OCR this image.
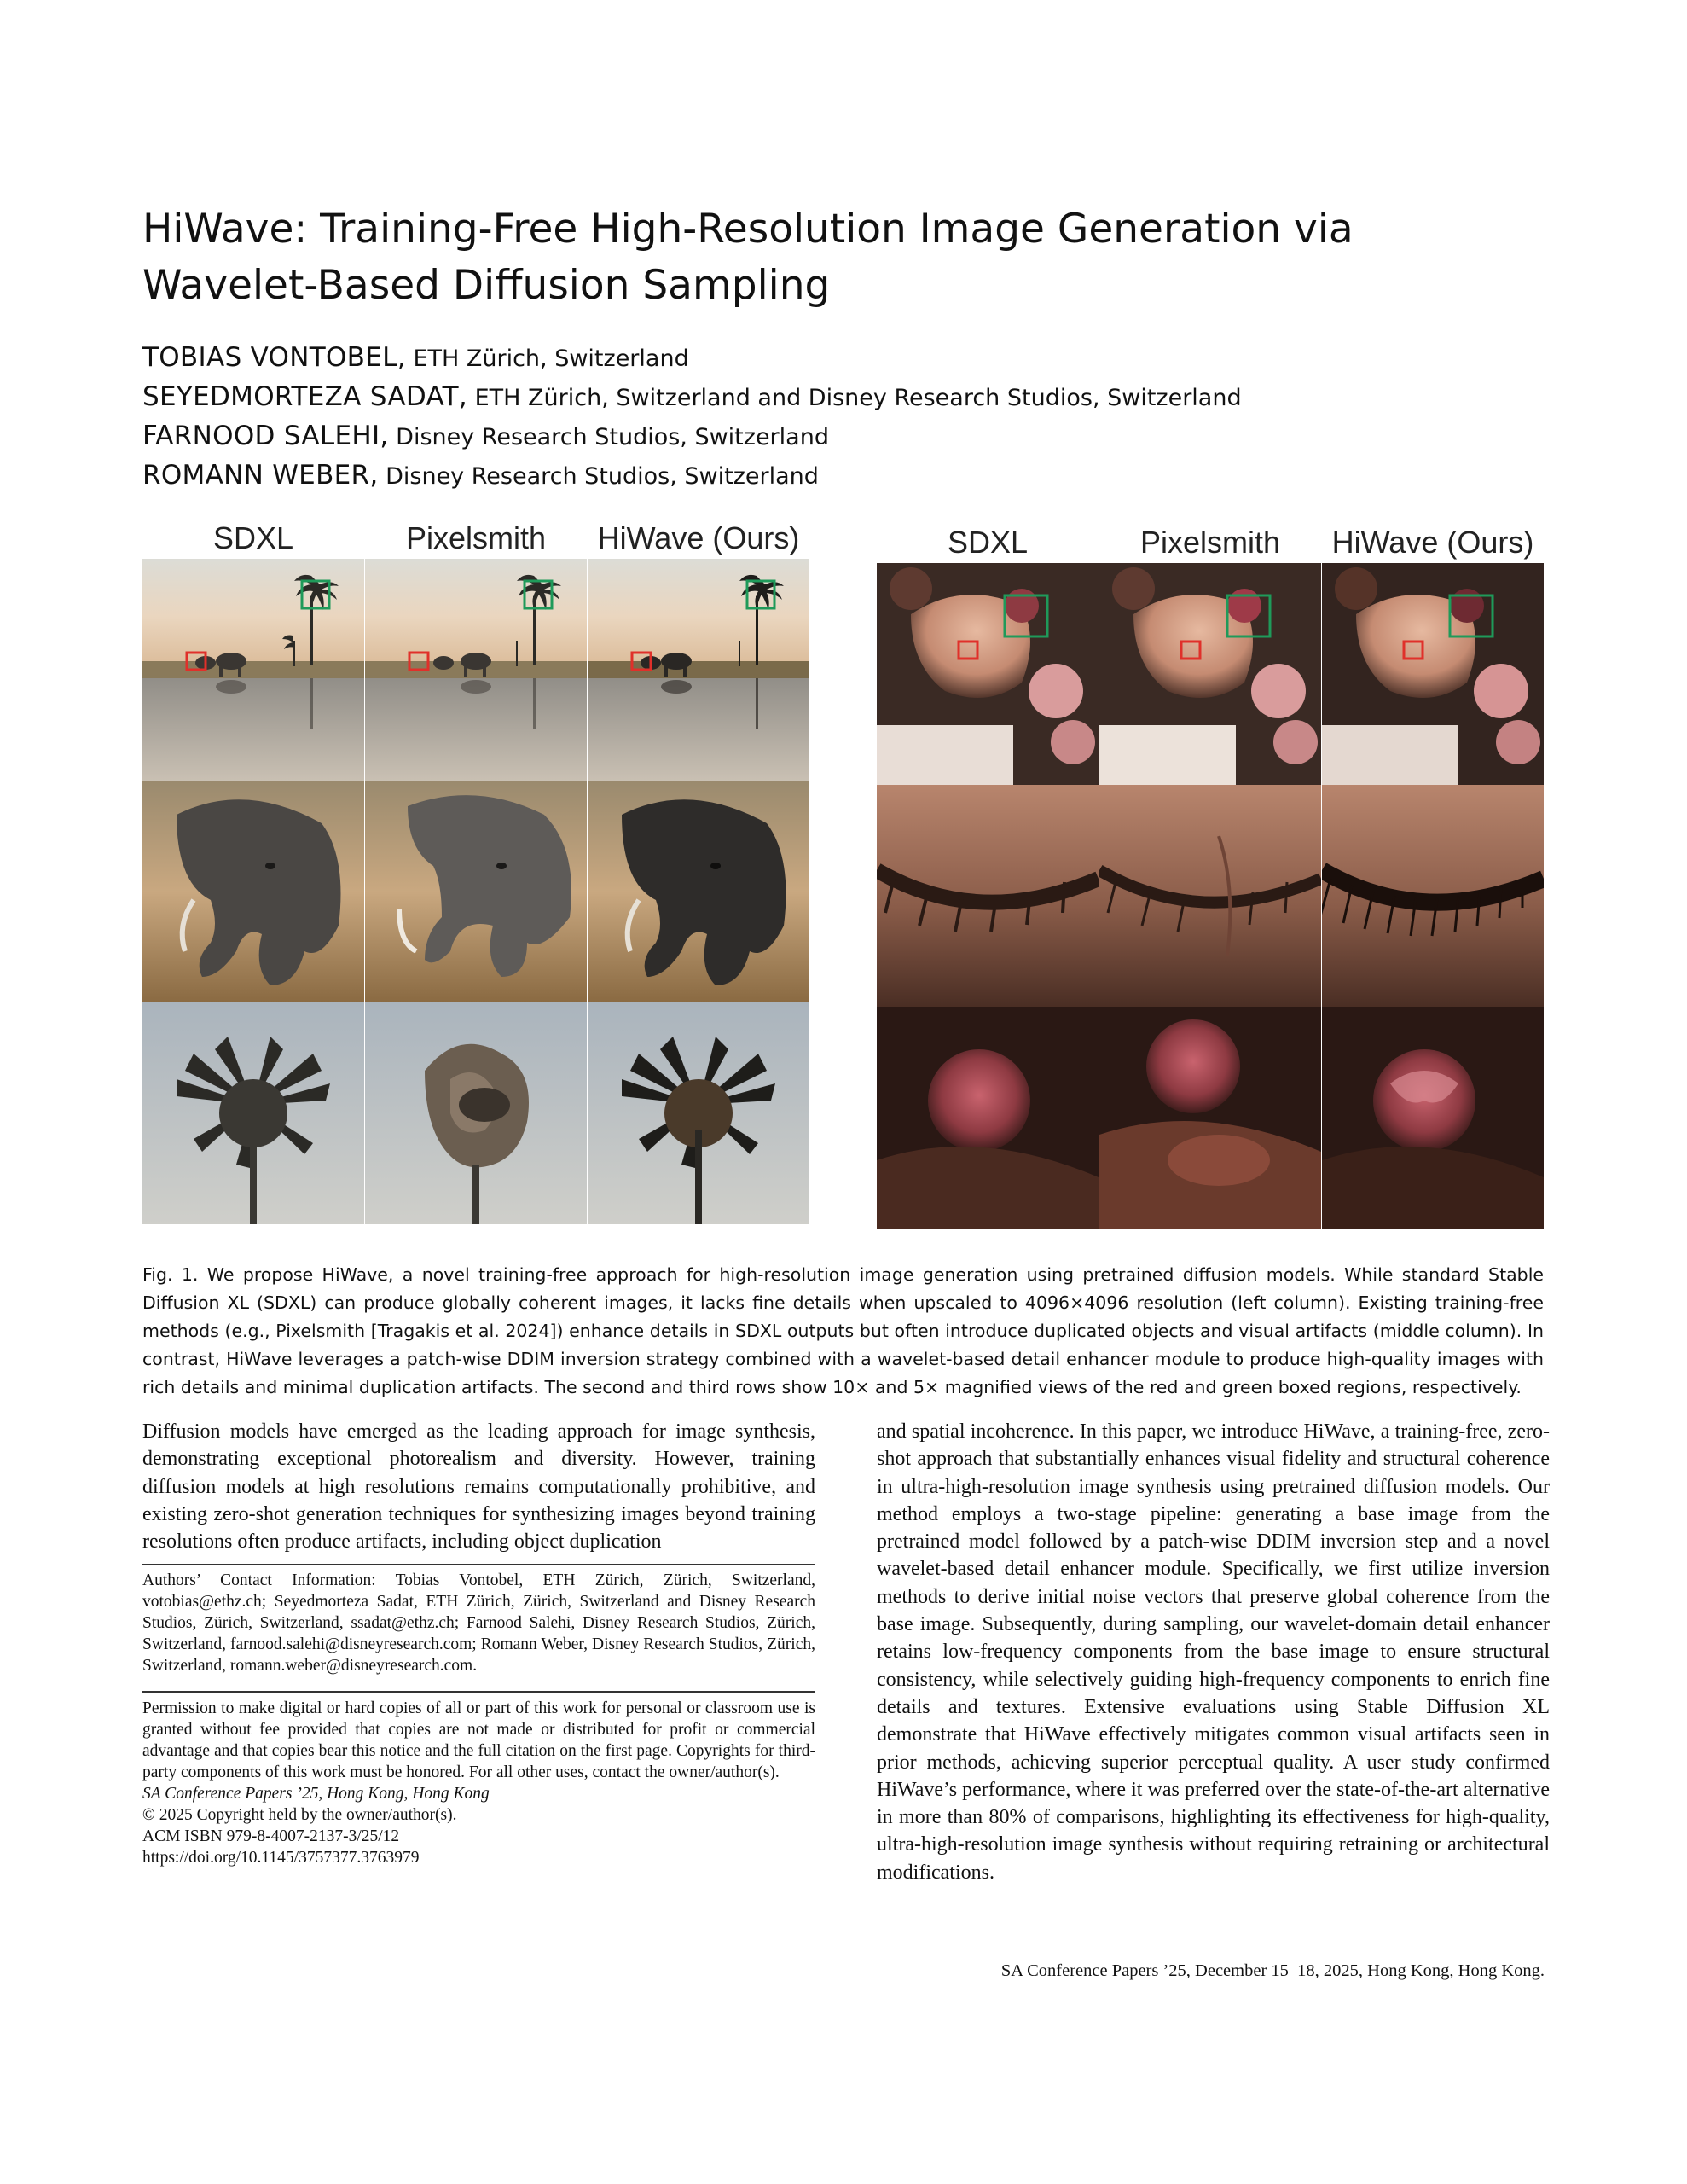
HiWave: Training-Free High-Resolution Image Generation via
Wavelet-Based Diffusion Sampling
TOBIAS VONTOBEL, ETH Zürich, Switzerland
SEYEDMORTEZA SADAT, ETH Zürich, Switzerland and Disney Research Studios, Switzerland
FARNOOD SALEHI, Disney Research Studios, Switzerland
ROMANN WEBER, Disney Research Studios, Switzerland
SDXL	Pixelsmith	HiWave (Ours)	SDXL	Pixelsmith	HiWave (Ours)
Fig. 1. We propose HiWave, a novel training-free approach for high-resolution image generation using pretrained diffusion models. While standard Stable Diffusion XL (SDXL) can produce globally coherent images, it lacks fine details when upscaled to 4096×4096 resolution (left column). Existing training-free methods (e.g., Pixelsmith [Tragakis et al. 2024]) enhance details in SDXL outputs but often introduce duplicated objects and visual artifacts (middle column). In contrast, HiWave leverages a patch-wise DDIM inversion strategy combined with a wavelet-based detail enhancer module to produce high-quality images with rich details and minimal duplication artifacts. The second and third rows show 10× and 5× magnified views of the red and green boxed regions, respectively.

Diffusion models have emerged as the leading approach for image synthesis, demonstrating exceptional photorealism and diversity. However, training diffusion models at high resolutions remains computationally prohibitive, and existing zero-shot generation techniques for synthesizing images beyond training resolutions often produce artifacts, including object duplication

Authors’ Contact Information: Tobias Vontobel, ETH Zürich, Zürich, Switzerland, votobias@ethz.ch; Seyedmorteza Sadat, ETH Zürich, Zürich, Switzerland and Disney Research Studios, Zürich, Switzerland, ssadat@ethz.ch; Farnood Salehi, Disney Research Studios, Zürich, Switzerland, farnood.salehi@disneyresearch.com; Romann Weber, Disney Research Studios, Zürich, Switzerland, romann.weber@disneyresearch.com.
Permission to make digital or hard copies of all or part of this work for personal or classroom use is granted without fee provided that copies are not made or distributed for profit or commercial advantage and that copies bear this notice and the full citation on the first page. Copyrights for third-party components of this work must be honored. For all other uses, contact the owner/author(s).
SA Conference Papers ’25, Hong Kong, Hong Kong
© 2025 Copyright held by the owner/author(s).
ACM ISBN 979-8-4007-2137-3/25/12
https://doi.org/10.1145/3757377.3763979

and spatial incoherence. In this paper, we introduce HiWave, a training-free, zero-shot approach that substantially enhances visual fidelity and structural coherence in ultra-high-resolution image synthesis using pretrained diffusion models. Our method employs a two-stage pipeline: generating a base image from the pretrained model followed by a patch-wise DDIM inversion step and a novel wavelet-based detail enhancer module. Specifically, we first utilize inversion methods to derive initial noise vectors that preserve global coherence from the base image. Subsequently, during sampling, our wavelet-domain detail enhancer retains low-frequency components from the base image to ensure structural consistency, while selectively guiding high-frequency components to enrich fine details and textures. Extensive evaluations using Stable Diffusion XL demonstrate that HiWave effectively mitigates common visual artifacts seen in prior methods, achieving superior perceptual quality. A user study confirmed HiWave’s performance, where it was preferred over the state-of-the-art alternative in more than 80% of comparisons, highlighting its effectiveness for high-quality, ultra-high-resolution image synthesis without requiring retraining or architectural modifications.

SA Conference Papers ’25, December 15–18, 2025, Hong Kong, Hong Kong.
